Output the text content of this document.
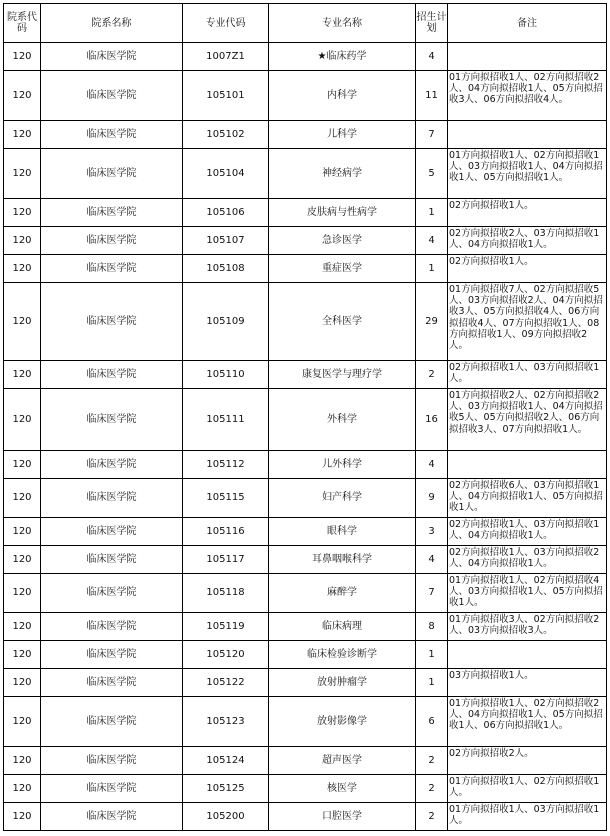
院系代码	院系名称	专业代码	专业名称	招生计划	备注
120	临床医学院	1007Z1	★临床药学	4	
120	临床医学院	105101	内科学	11	01方向拟招收1人、02方向拟招收2人、04方向拟招收1人、05方向拟招收3人、06方向拟招收4人。
120	临床医学院	105102	儿科学	7	
120	临床医学院	105104	神经病学	5	01方向拟招收1人、02方向拟招收1人、03方向拟招收1人、04方向拟招收1人、05方向拟招收1人。
120	临床医学院	105106	皮肤病与性病学	1	02方向拟招收1人。
120	临床医学院	105107	急诊医学	4	02方向拟招收2人、03方向拟招收1人、04方向拟招收1人。
120	临床医学院	105108	重症医学	1	02方向拟招收1人。
120	临床医学院	105109	全科医学	29	01方向拟招收7人、02方向拟招收5人、03方向拟招收2人、04方向拟招收3人、05方向拟招收4人、06方向拟招收4人、07方向拟招收1人、08方向拟招收1人、09方向拟招收2人。
120	临床医学院	105110	康复医学与理疗学	2	02方向拟招收1人、03方向拟招收1人。
120	临床医学院	105111	外科学	16	01方向拟招收2人、02方向拟招收2人、03方向拟招收1人、04方向拟招收5人、05方向拟招收2人、06方向拟招收3人、07方向拟招收1人。
120	临床医学院	105112	儿外科学	4	
120	临床医学院	105115	妇产科学	9	02方向拟招收6人、03方向拟招收1人、04方向拟招收1人、05方向拟招收1人。
120	临床医学院	105116	眼科学	3	02方向拟招收1人、03方向拟招收1人、04方向拟招收1人。
120	临床医学院	105117	耳鼻咽喉科学	4	02方向拟招收1人、03方向拟招收2人、04方向拟招收1人。
120	临床医学院	105118	麻醉学	7	01方向拟招收1人、02方向拟招收4人、03方向拟招收1人、05方向拟招收1人。
120	临床医学院	105119	临床病理	8	01方向拟招收3人、02方向拟招收2人、03方向拟招收3人。
120	临床医学院	105120	临床检验诊断学	1	
120	临床医学院	105122	放射肿瘤学	1	03方向拟招收1人。
120	临床医学院	105123	放射影像学	6	01方向拟招收1人、02方向拟招收2人、04方向拟招收1人、05方向拟招收1人、06方向拟招收1人。
120	临床医学院	105124	超声医学	2	02方向拟招收2人。
120	临床医学院	105125	核医学	2	01方向拟招收1人、02方向拟招收1人。
120	临床医学院	105200	口腔医学	2	01方向拟招收1人、03方向拟招收1人。
